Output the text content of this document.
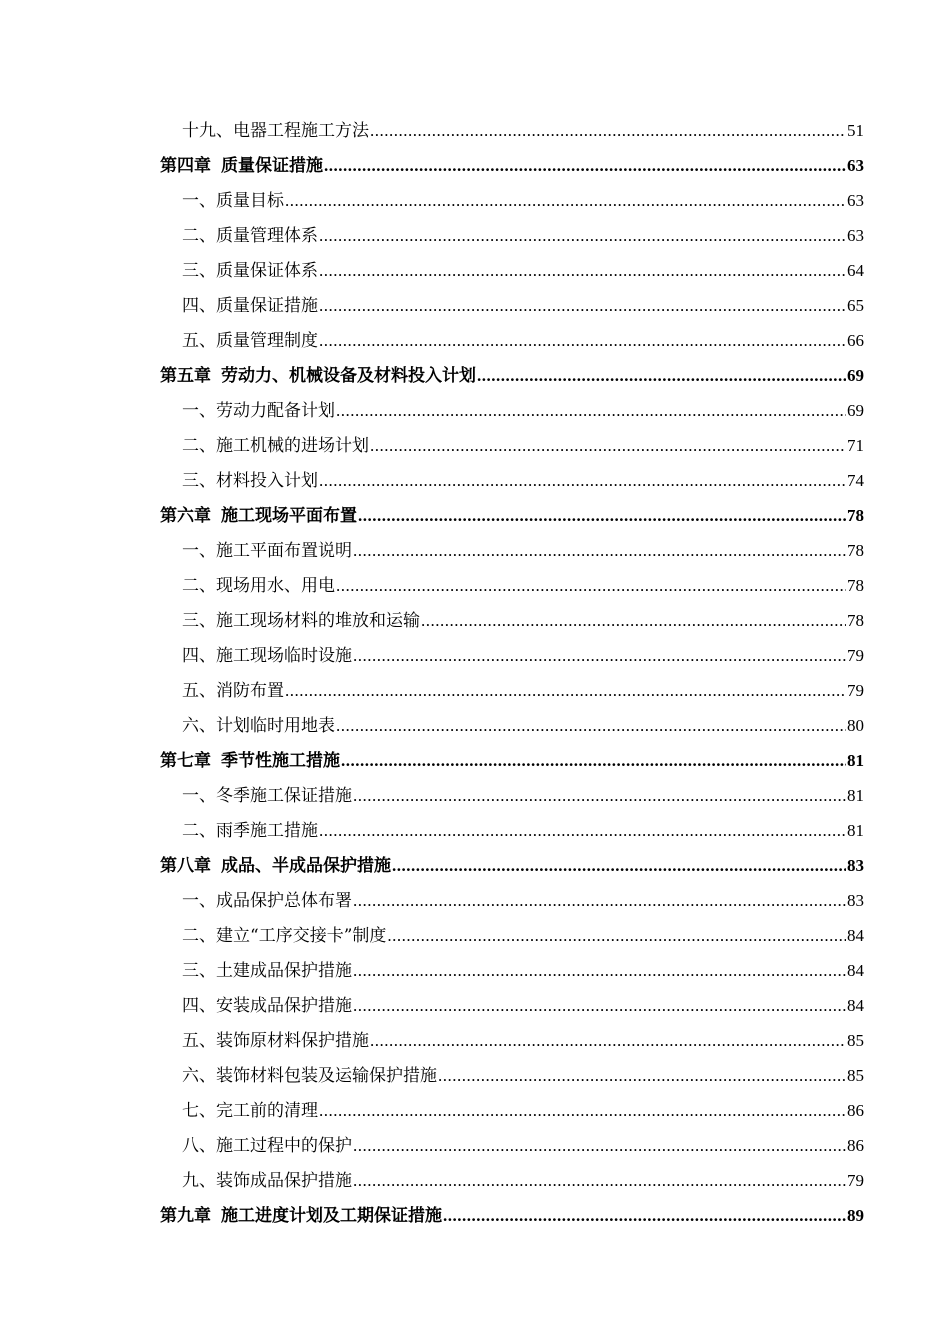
十九、电器工程施工方法 .....	51
第四章 质量保证措施 .....	63
一、质量目标 .....	63
二、质量管理体系 .....	63
三、质量保证体系 .....	64
四、质量保证措施 .....	65
五、质量管理制度 .....	66
第五章 劳动力、机械设备及材料投入计划 .....	69
一、劳动力配备计划 .....	69
二、施工机械的进场计划 .....	71
三、材料投入计划 .....	74
第六章 施工现场平面布置 .....	78
一、施工平面布置说明 .....	78
二、现场用水、用电 .....	78
三、施工现场材料的堆放和运输 .....	78
四、施工现场临时设施 .....	79
五、消防布置 .....	79
六、计划临时用地表 .....	80
第七章 季节性施工措施 .....	81
一、冬季施工保证措施 .....	81
二、雨季施工措施 .....	81
第八章 成品、半成品保护措施 .....	83
一、成品保护总体布署 .....	83
二、建立“工序交接卡”制度 .....	84
三、土建成品保护措施 .....	84
四、安装成品保护措施 .....	84
五、装饰原材料保护措施 .....	85
六、装饰材料包装及运输保护措施 .....	85
七、完工前的清理 .....	86
八、施工过程中的保护 .....	86
九、装饰成品保护措施 .....	79
第九章 施工进度计划及工期保证措施 .....	89
